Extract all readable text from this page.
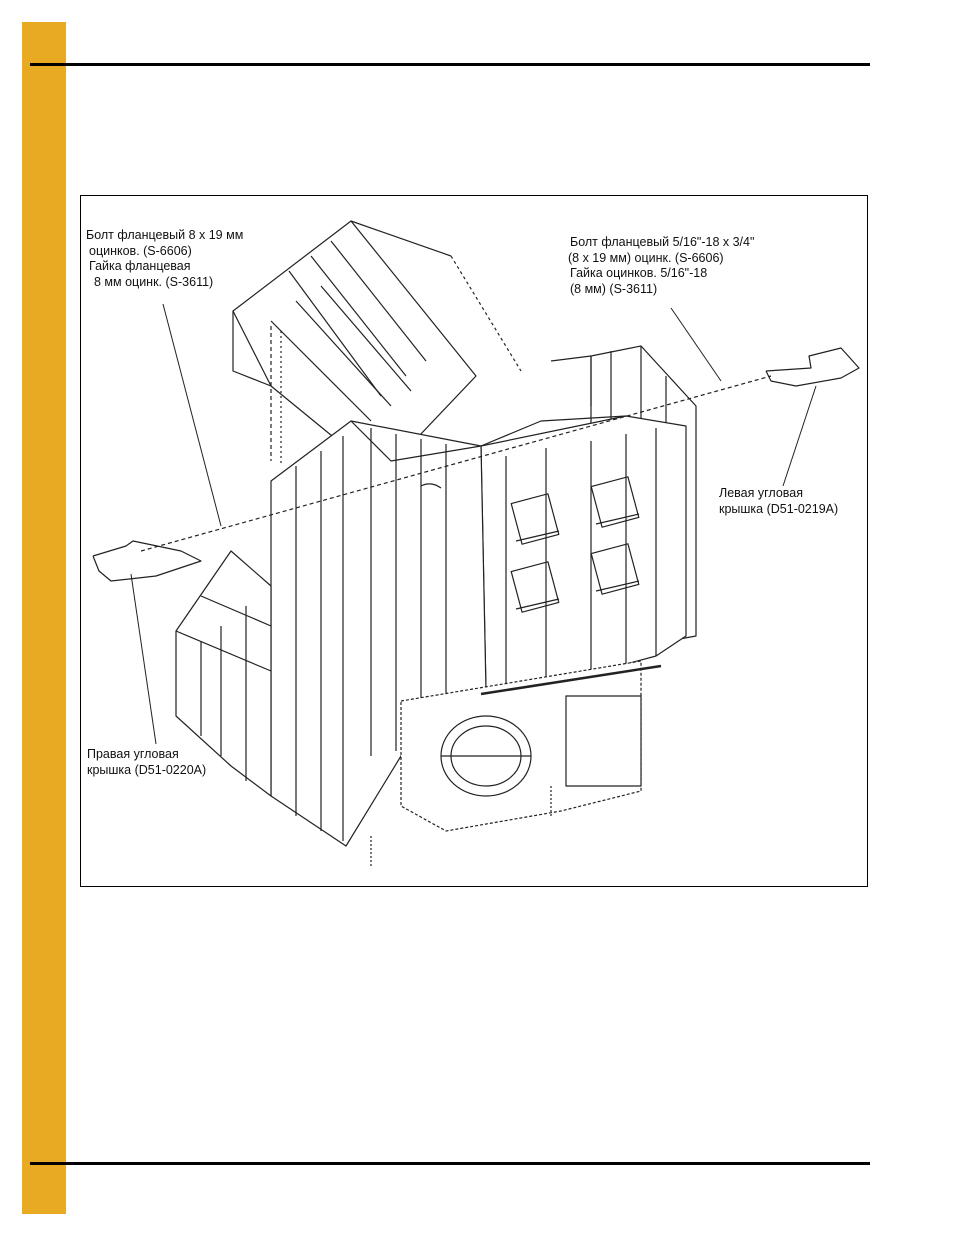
Болт фланцевый 8 x 19 мм
оцинков. (S-6606)
Гайка фланцевая
8 мм оцинк. (S-3611)
Болт фланцевый 5/16"-18 x 3/4"
(8 x 19 мм) оцинк. (S-6606)
Гайка оцинков. 5/16"-18
(8 мм) (S-3611)
Левая угловая
крышка (D51-0219A)
Правая угловая
крышка (D51-0220A)
